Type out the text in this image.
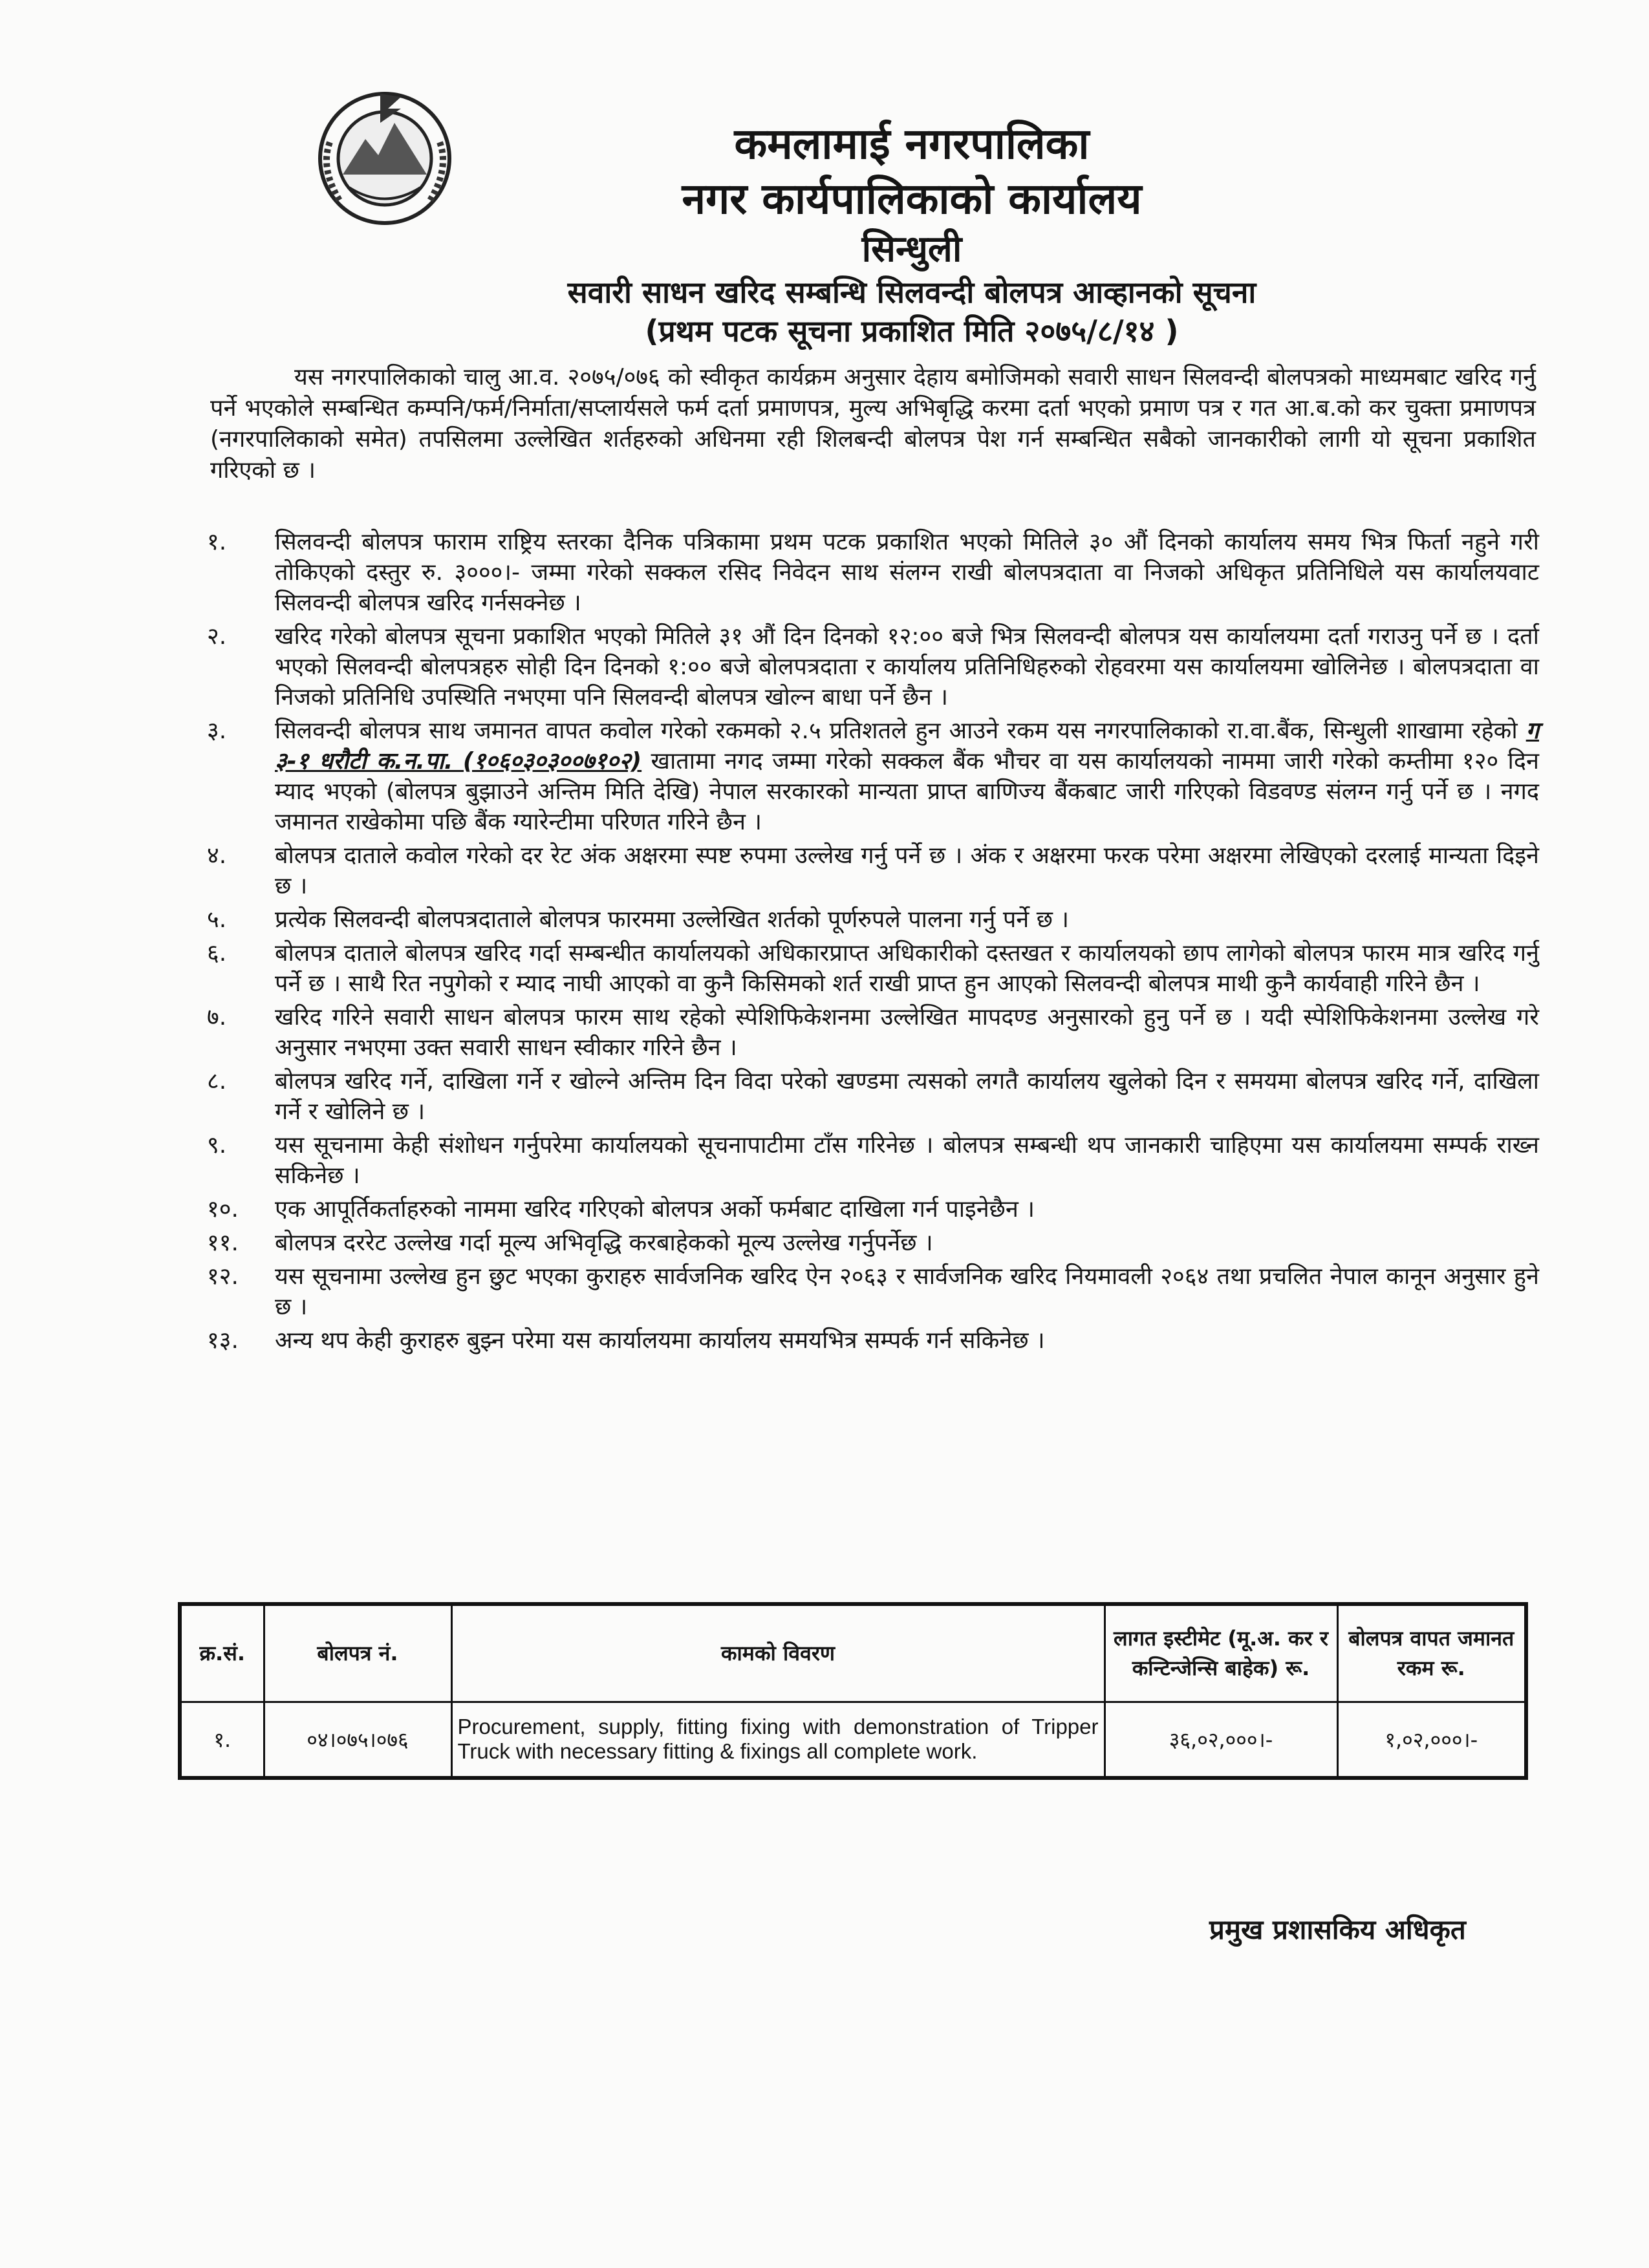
कमलामाई नगरपालिका
नगर कार्यपालिकाको कार्यालय
सिन्धुली
सवारी साधन खरिद सम्बन्धि सिलवन्दी बोलपत्र आव्हानको सूचना
(प्रथम पटक सूचना प्रकाशित मिति २०७५/८/१४ )
यस नगरपालिकाको चालु आ.व. २०७५/०७६ को स्वीकृत कार्यक्रम अनुसार देहाय बमोजिमको सवारी साधन सिलवन्दी बोलपत्रको माध्यमबाट खरिद गर्नु पर्ने भएकोले सम्बन्धित कम्पनि/फर्म/निर्माता/सप्लार्यसले फर्म दर्ता प्रमाणपत्र, मुल्य अभिबृद्धि करमा दर्ता भएको प्रमाण पत्र र गत आ.ब.को कर चुक्ता प्रमाणपत्र (नगरपालिकाको समेत) तपसिलमा उल्लेखित शर्तहरुको अधिनमा रही शिलबन्दी बोलपत्र पेश गर्न सम्बन्धित सबैको जानकारीको लागी यो सूचना प्रकाशित गरिएको छ ।
१. सिलवन्दी बोलपत्र फाराम राष्ट्रिय स्तरका दैनिक पत्रिकामा प्रथम पटक प्रकाशित भएको मितिले ३० औं दिनको कार्यालय समय भित्र फिर्ता नहुने गरी तोकिएको दस्तुर रु. ३०००।- जम्मा गरेको सक्कल रसिद निवेदन साथ संलग्न राखी बोलपत्रदाता वा निजको अधिकृत प्रतिनिधिले यस कार्यालयवाट सिलवन्दी बोलपत्र खरिद गर्नसक्नेछ ।
२. खरिद गरेको बोलपत्र सूचना प्रकाशित भएको मितिले ३१ औं दिन दिनको १२:०० बजे भित्र सिलवन्दी बोलपत्र यस कार्यालयमा दर्ता गराउनु पर्ने छ । दर्ता भएको सिलवन्दी बोलपत्रहरु सोही दिन दिनको १:०० बजे बोलपत्रदाता र कार्यालय प्रतिनिधिहरुको रोहवरमा यस कार्यालयमा खोलिनेछ । बोलपत्रदाता वा निजको प्रतिनिधि उपस्थिति नभएमा पनि सिलवन्दी बोलपत्र खोल्न बाधा पर्ने छैन ।
३. सिलवन्दी बोलपत्र साथ जमानत वापत कवोल गरेको रकमको २.५ प्रतिशतले हुन आउने रकम यस नगरपालिकाको रा.वा.बैंक, सिन्धुली शाखामा रहेको ग ३-१ धरौटी क.न.पा. (१०६०३०३००७१०२) खातामा नगद जम्मा गरेको सक्कल बैंक भौचर वा यस कार्यालयको नाममा जारी गरेको कम्तीमा १२० दिन म्याद भएको (बोलपत्र बुझाउने अन्तिम मिति देखि) नेपाल सरकारको मान्यता प्राप्त बाणिज्य बैंकबाट जारी गरिएको विडवण्ड संलग्न गर्नु पर्ने छ । नगद जमानत राखेकोमा पछि बैंक ग्यारेन्टीमा परिणत गरिने छैन ।
४. बोलपत्र दाताले कवोल गरेको दर रेट अंक अक्षरमा स्पष्ट रुपमा उल्लेख गर्नु पर्ने छ । अंक र अक्षरमा फरक परेमा अक्षरमा लेखिएको दरलाई मान्यता दिइने छ ।
५. प्रत्येक सिलवन्दी बोलपत्रदाताले बोलपत्र फारममा उल्लेखित शर्तको पूर्णरुपले पालना गर्नु पर्ने छ ।
६. बोलपत्र दाताले बोलपत्र खरिद गर्दा सम्बन्धीत कार्यालयको अधिकारप्राप्त अधिकारीको दस्तखत र कार्यालयको छाप लागेको बोलपत्र फारम मात्र खरिद गर्नु पर्ने छ । साथै रित नपुगेको र म्याद नाघी आएको वा कुनै किसिमको शर्त राखी प्राप्त हुन आएको सिलवन्दी बोलपत्र माथी कुनै कार्यवाही गरिने छैन ।
७. खरिद गरिने सवारी साधन बोलपत्र फारम साथ रहेको स्पेशिफिकेशनमा उल्लेखित मापदण्ड अनुसारको हुनु पर्ने छ । यदी स्पेशिफिकेशनमा उल्लेख गरे अनुसार नभएमा उक्त सवारी साधन स्वीकार गरिने छैन ।
८. बोलपत्र खरिद गर्ने, दाखिला गर्ने र खोल्ने अन्तिम दिन विदा परेको खण्डमा त्यसको लगतै कार्यालय खुलेको दिन र समयमा बोलपत्र खरिद गर्ने, दाखिला गर्ने र खोलिने छ ।
९. यस सूचनामा केही संशोधन गर्नुपरेमा कार्यालयको सूचनापाटीमा टाँस गरिनेछ । बोलपत्र सम्बन्धी थप जानकारी चाहिएमा यस कार्यालयमा सम्पर्क राख्न सकिनेछ ।
१०. एक आपूर्तिकर्ताहरुको नाममा खरिद गरिएको बोलपत्र अर्को फर्मबाट दाखिला गर्न पाइनेछैन ।
११. बोलपत्र दररेट उल्लेख गर्दा मूल्य अभिवृद्धि करबाहेकको मूल्य उल्लेख गर्नुपर्नेछ ।
१२. यस सूचनामा उल्लेख हुन छुट भएका कुराहरु सार्वजनिक खरिद ऐन २०६३ र सार्वजनिक खरिद नियमावली २०६४ तथा प्रचलित नेपाल कानून अनुसार हुने छ ।
१३. अन्य थप केही कुराहरु बुझ्न परेमा यस कार्यालयमा कार्यालय समयभित्र सम्पर्क गर्न सकिनेछ ।
क्र.सं.	बोलपत्र नं.	कामको विवरण	लागत इस्टीमेट (मू.अ. कर र कन्टिन्जेन्सि बाहेक) रू.	बोलपत्र वापत जमानत रकम रू.
१.	०४।०७५।०७६	Procurement, supply, fitting fixing with demonstration of Tripper Truck with necessary fitting & fixings all complete work.	३६,०२,०००।-	१,०२,०००।-
प्रमुख प्रशासकिय अधिकृत
